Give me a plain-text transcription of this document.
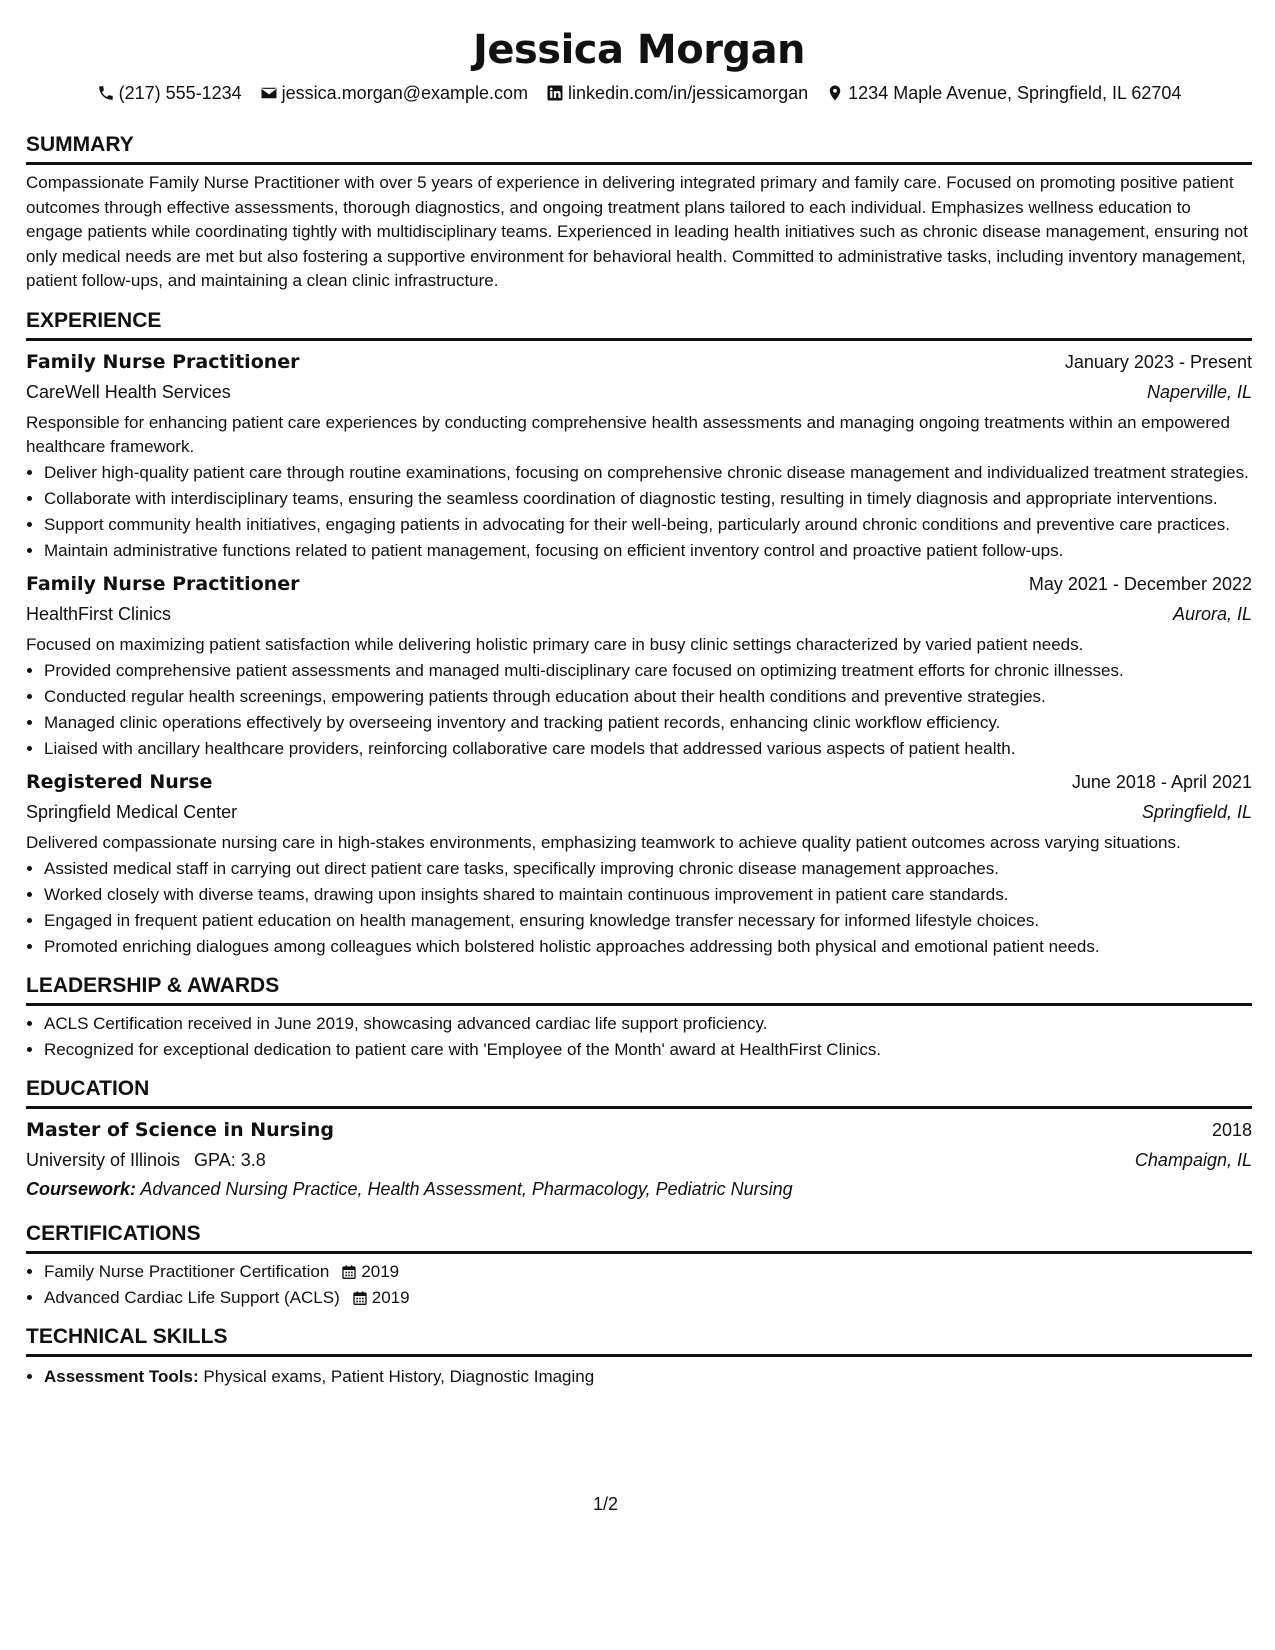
Jessica Morgan
(217) 555-1234 jessica.morgan@example.com linkedin.com/in/jessicamorgan 1234 Maple Avenue, Springfield, IL 62704
SUMMARY
Compassionate Family Nurse Practitioner with over 5 years of experience in delivering integrated primary and family care. Focused on promoting positive patient outcomes through effective assessments, thorough diagnostics, and ongoing treatment plans tailored to each individual. Emphasizes wellness education to engage patients while coordinating tightly with multidisciplinary teams. Experienced in leading health initiatives such as chronic disease management, ensuring not only medical needs are met but also fostering a supportive environment for behavioral health. Committed to administrative tasks, including inventory management, patient follow-ups, and maintaining a clean clinic infrastructure.
EXPERIENCE
Family Nurse Practitioner	January 2023 - Present
CareWell Health Services	Naperville, IL
Responsible for enhancing patient care experiences by conducting comprehensive health assessments and managing ongoing treatments within an empowered healthcare framework.
• Deliver high-quality patient care through routine examinations, focusing on comprehensive chronic disease management and individualized treatment strategies.
• Collaborate with interdisciplinary teams, ensuring the seamless coordination of diagnostic testing, resulting in timely diagnosis and appropriate interventions.
• Support community health initiatives, engaging patients in advocating for their well-being, particularly around chronic conditions and preventive care practices.
• Maintain administrative functions related to patient management, focusing on efficient inventory control and proactive patient follow-ups.
Family Nurse Practitioner	May 2021 - December 2022
HealthFirst Clinics	Aurora, IL
Focused on maximizing patient satisfaction while delivering holistic primary care in busy clinic settings characterized by varied patient needs.
• Provided comprehensive patient assessments and managed multi-disciplinary care focused on optimizing treatment efforts for chronic illnesses.
• Conducted regular health screenings, empowering patients through education about their health conditions and preventive strategies.
• Managed clinic operations effectively by overseeing inventory and tracking patient records, enhancing clinic workflow efficiency.
• Liaised with ancillary healthcare providers, reinforcing collaborative care models that addressed various aspects of patient health.
Registered Nurse	June 2018 - April 2021
Springfield Medical Center	Springfield, IL
Delivered compassionate nursing care in high-stakes environments, emphasizing teamwork to achieve quality patient outcomes across varying situations.
• Assisted medical staff in carrying out direct patient care tasks, specifically improving chronic disease management approaches.
• Worked closely with diverse teams, drawing upon insights shared to maintain continuous improvement in patient care standards.
• Engaged in frequent patient education on health management, ensuring knowledge transfer necessary for informed lifestyle choices.
• Promoted enriching dialogues among colleagues which bolstered holistic approaches addressing both physical and emotional patient needs.
LEADERSHIP & AWARDS
• ACLS Certification received in June 2019, showcasing advanced cardiac life support proficiency.
• Recognized for exceptional dedication to patient care with 'Employee of the Month' award at HealthFirst Clinics.
EDUCATION
Master of Science in Nursing	2018
University of Illinois GPA: 3.8	Champaign, IL
Coursework: Advanced Nursing Practice, Health Assessment, Pharmacology, Pediatric Nursing
CERTIFICATIONS
• Family Nurse Practitioner Certification 2019
• Advanced Cardiac Life Support (ACLS) 2019
TECHNICAL SKILLS
• Assessment Tools: Physical exams, Patient History, Diagnostic Imaging
1/2
